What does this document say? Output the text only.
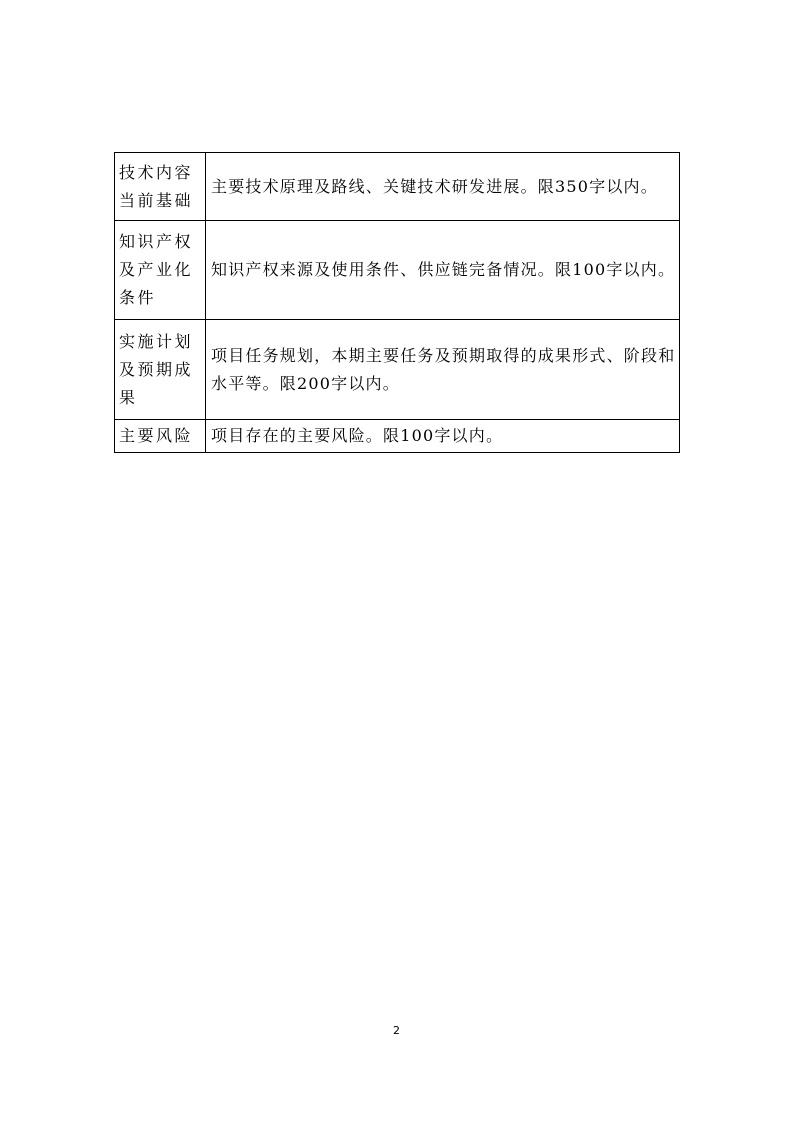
技术内容当前基础	主要技术原理及路线、关键技术研发进展。限350字以内。
知识产权及产业化条件	知识产权来源及使用条件、供应链完备情况。限100字以内。
实施计划及预期成果	项目任务规划，本期主要任务及预期取得的成果形式、阶段和水平等。限200字以内。
主要风险	项目存在的主要风险。限100字以内。
2
